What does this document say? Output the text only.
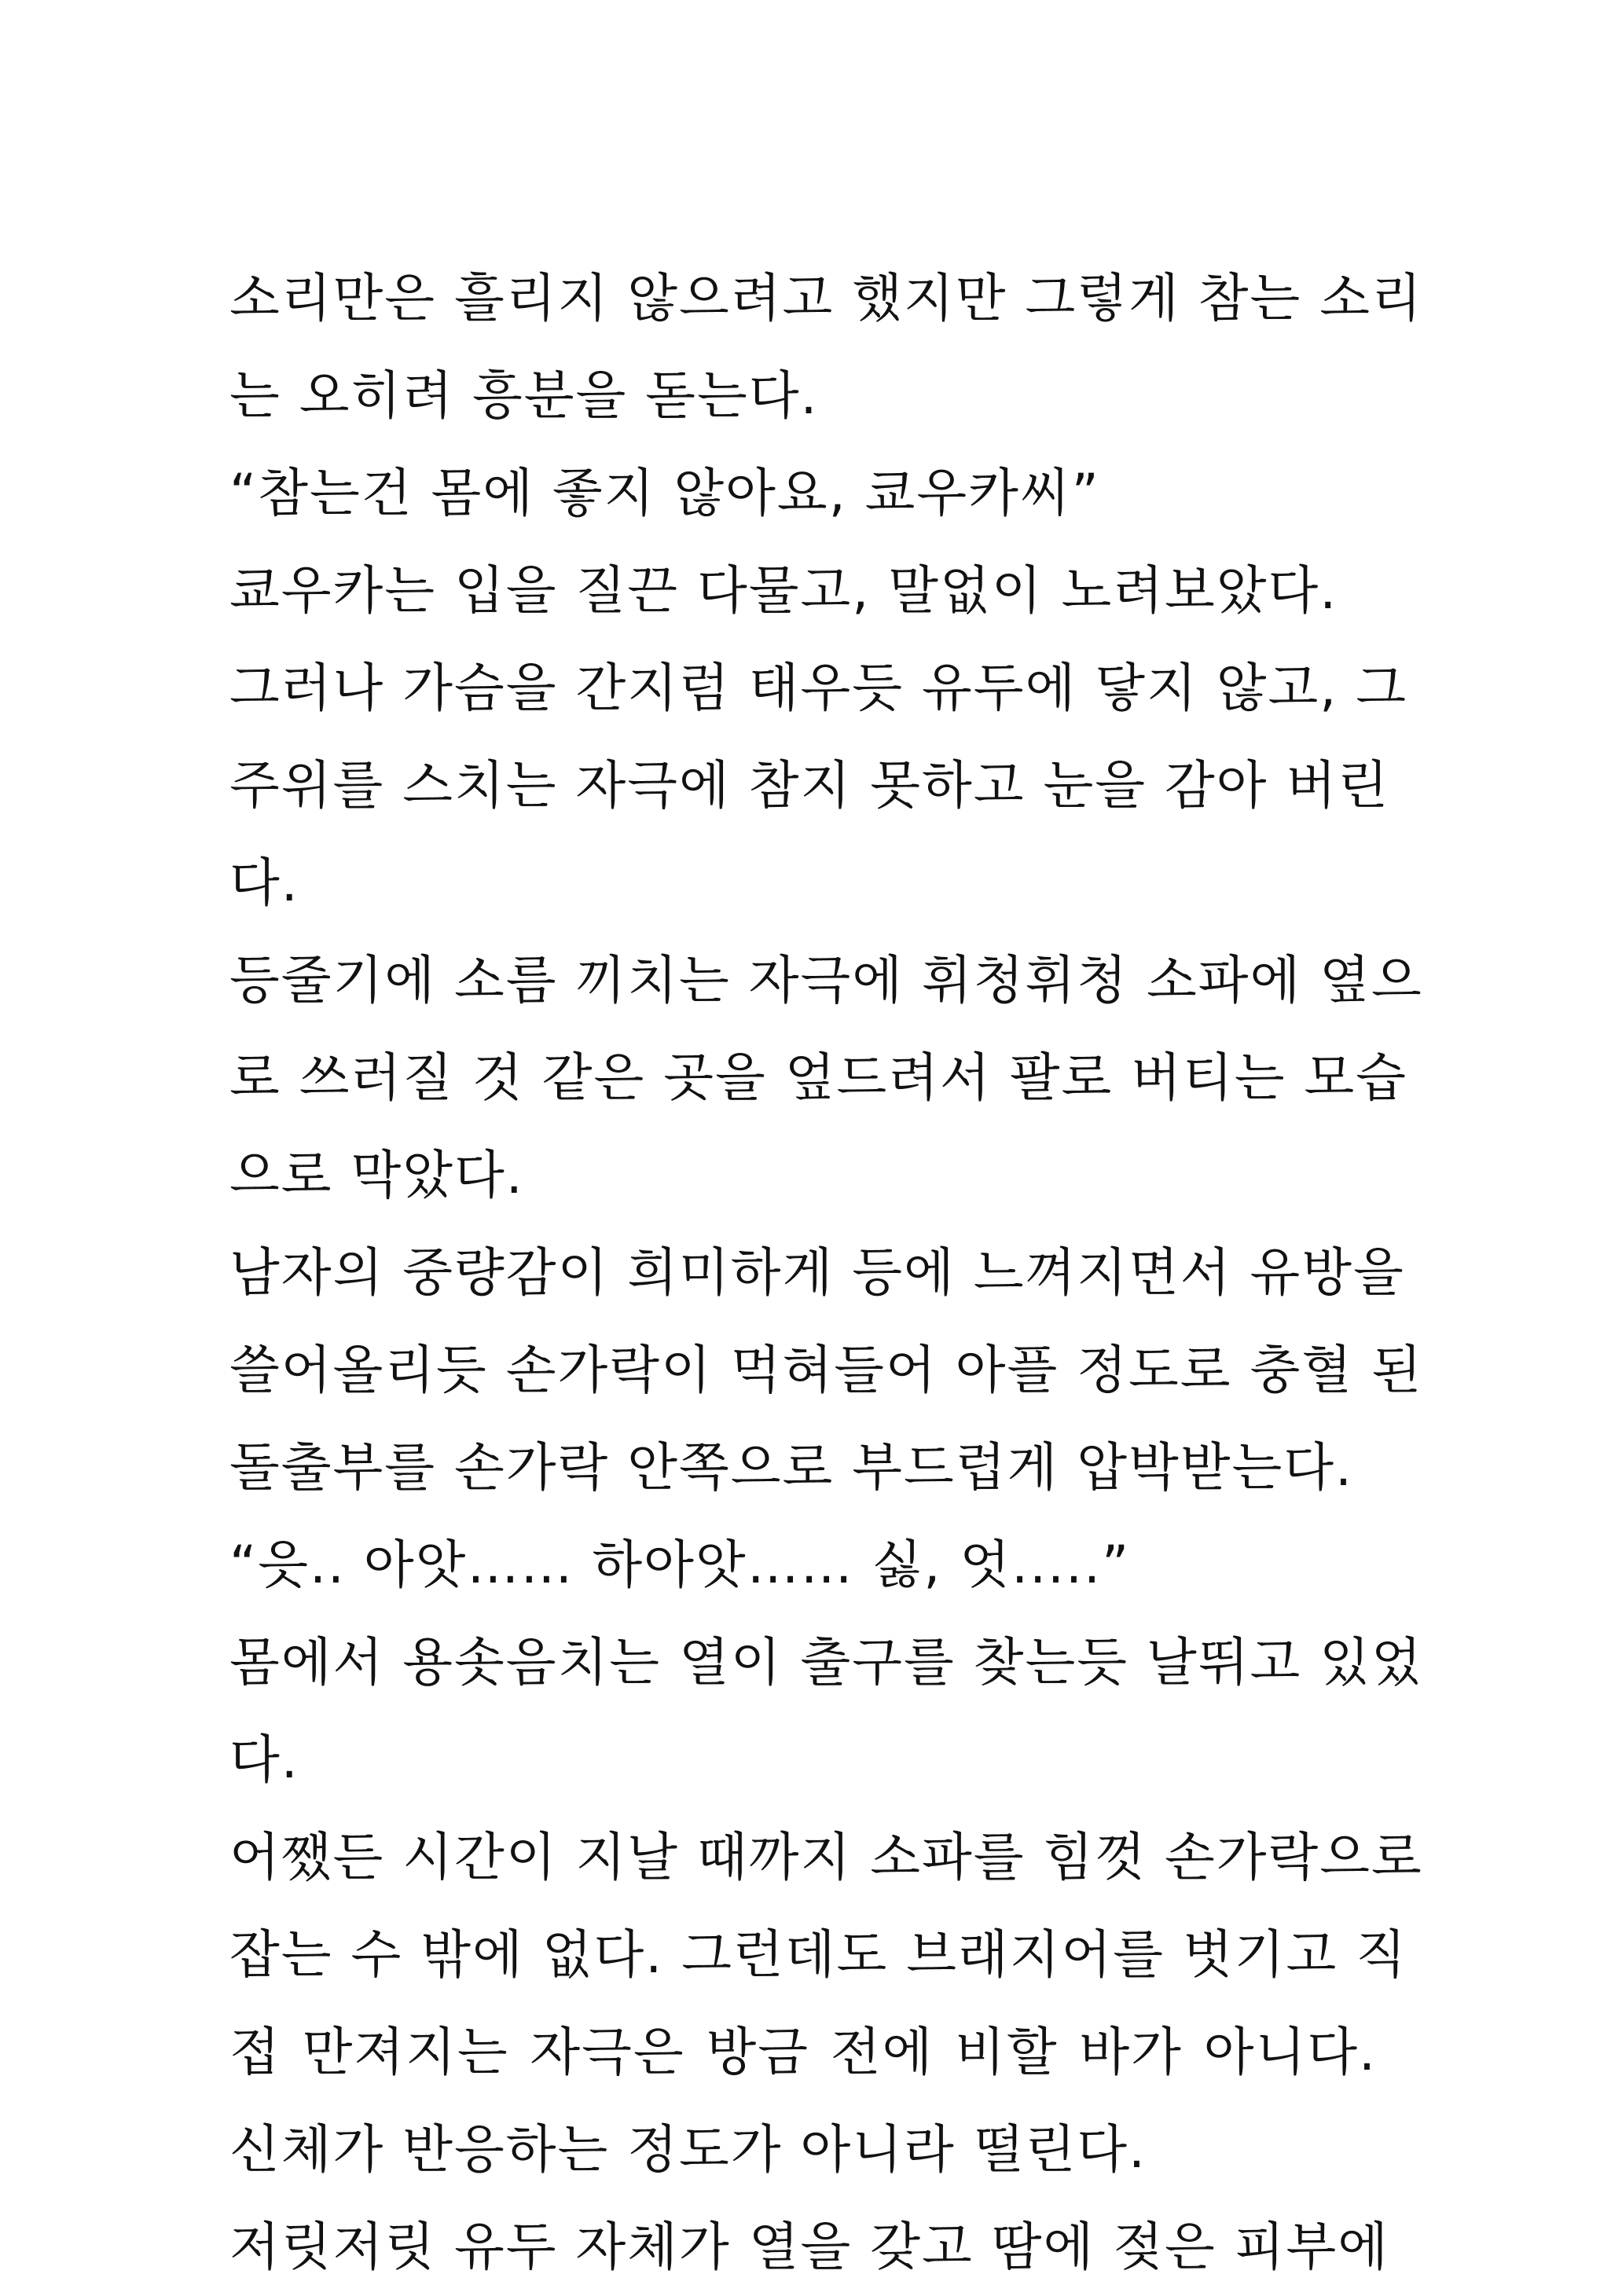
소리만은 흘리지 않으려고 했지만 그렇게 참는 소리
는 오히려 흥분을 돋는다.
“참는건 몸에 좋지 않아요, 쿄우카씨”
쿄우카는 입을 질끈 다물고, 말없이 노려보았다.
그러나 가슴을 간지럼 태우듯 유두에 닿지 않고, 그
주위를 스치는 자극에 참지 못하고 눈을 감아 버린
다.
등줄기에 소름 끼치는 자극에 휘청휘청 소파에 옆으
로 쓰러질 것 같은 곳을 엎드려서 팔로 버티는 모습
으로 막았다.
남자의 중량감이 희미하게 등에 느껴지면서 유방을
쓸어올리듯 손가락이 먹혀들어 아플 정도로 충혈 된
돌출부를 손가락 안쪽으로 부드럽게 압박받는다.
“읏.. 아앗…… 하아앗…… 싫, 엇.....”
몸에서 용솟음치는 열이 출구를 찾는듯 날뛰고 있었
다.
어쨌든 시간이 지날 때까지 소파를 힘껏 손가락으로
잡는 수 밖에 없다. 그런데도 브래지어를 벗기고 직
접 만져지는 자극은 방금 전에 비할 바가 아니다.
신체가 반응하는 정도가 아니라 떨린다.
저릿저릿 유두 자체가 열을 갖고 땀에 젖은 피부에
